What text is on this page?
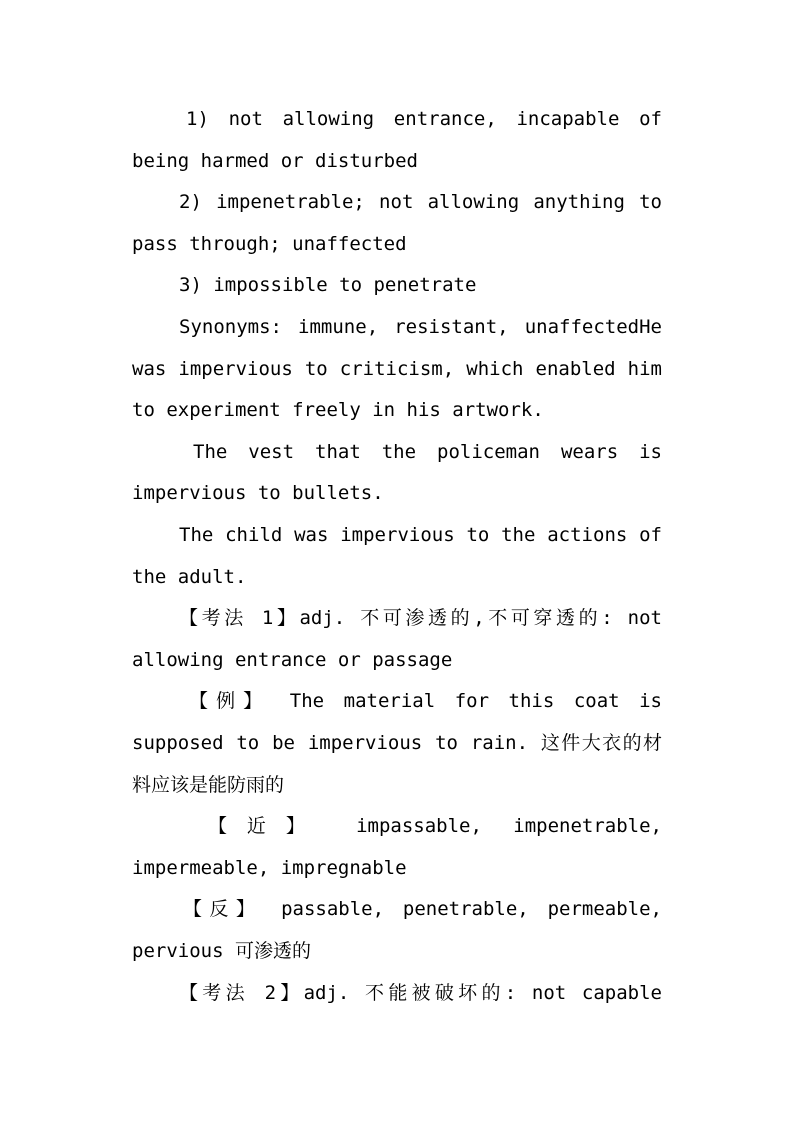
1) not allowing entrance, incapable of
being harmed or disturbed
2) impenetrable; not allowing anything to
pass through; unaffected
3) impossible to penetrate
Synonyms: immune, resistant, unaffectedHe
was impervious to criticism, which enabled him
to experiment freely in his artwork.
The vest that the policeman wears is
impervious to bullets.
The child was impervious to the actions of
the adult.
【考法 1】adj. 不可渗透的,不可穿透的: not
allowing entrance or passage
【例】 The material for this coat is
supposed to be impervious to rain. 这件大衣的材
料应该是能防雨的
【近】 impassable, impenetrable,
impermeable, impregnable
【反】 passable, penetrable, permeable,
pervious 可渗透的
【考法 2】adj. 不能被破坏的: not capable
